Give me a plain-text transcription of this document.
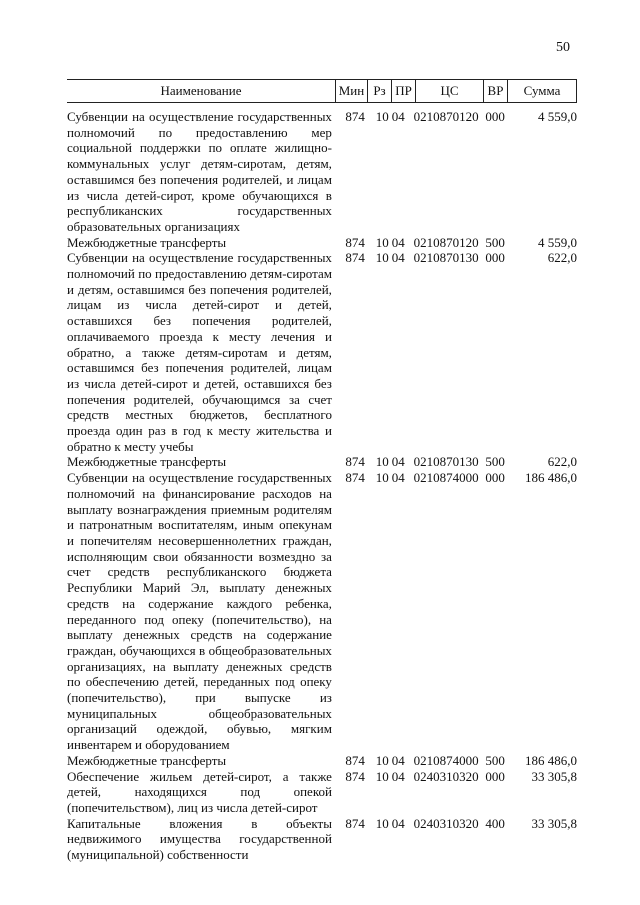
50
Наименование	Мин Рз ПР	ЦС	ВР	Сумма
Субвенции на осуществление государственных полномочий по предоставлению мер социальной поддержки по оплате жилищно-коммунальных услуг детям-сиротам, детям, оставшимся без попечения родителей, и лицам из числа детей-сирот, кроме обучающихся в республиканских государственных образовательных организациях
874 10 04 0210870120 000	4 559,0
Межбюджетные трансферты	874 10 04 0210870120 500	4 559,0
Субвенции на осуществление государственных полномочий по предоставлению детям-сиротам и детям, оставшимся без попечения родителей, лицам из числа детей-сирот и детей, оставшихся без попечения родителей, оплачиваемого проезда к месту лечения и обратно, а также детям-сиротам и детям, оставшимся без попечения родителей, лицам из числа детей-сирот и детей, оставшихся без попечения родителей, обучающимся за счет средств местных бюджетов, бесплатного проезда один раз в год к месту жительства и обратно к месту учебы
874 10 04 0210870130 000	622,0
Межбюджетные трансферты	874 10 04 0210870130 500	622,0
Субвенции на осуществление государственных полномочий на финансирование расходов на выплату вознаграждения приемным родителям и патронатным воспитателям, иным опекунам и попечителям несовершеннолетних граждан, исполняющим свои обязанности возмездно за счет средств республиканского бюджета Республики Марий Эл, выплату денежных средств на содержание каждого ребенка, переданного под опеку (попечительство), на выплату денежных средств на содержание граждан, обучающихся в общеобразовательных организациях, на выплату денежных средств по обеспечению детей, переданных под опеку (попечительство), при выпуске из муниципальных общеобразовательных организаций одеждой, обувью, мягким инвентарем и оборудованием
874 10 04 0210874000 000	186 486,0
Межбюджетные трансферты	874 10 04 0210874000 500	186 486,0
Обеспечение жильем детей-сирот, а также детей, находящихся под опекой (попечительством), лиц из числа детей-сирот
874 10 04 0240310320 000	33 305,8
Капитальные вложения в объекты недвижимого имущества государственной (муниципальной) собственности
874 10 04 0240310320 400	33 305,8
